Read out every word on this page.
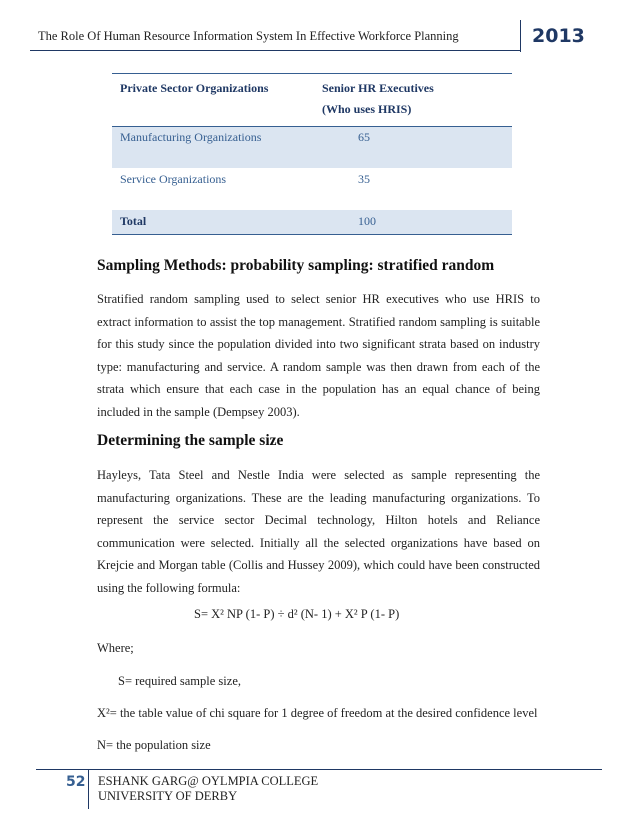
The Role Of Human Resource Information System In Effective Workforce Planning	2013
Private Sector Organizations	Senior HR Executives
(Who uses HRIS)

Manufacturing Organizations	65
Service Organizations	35
Total	100
Sampling Methods: probability sampling: stratified random
Stratified random sampling used to select senior HR executives who use HRIS to extract information to assist the top management. Stratified random sampling is suitable for this study since the population divided into two significant strata based on industry type: manufacturing and service. A random sample was then drawn from each of the strata which ensure that each case in the population has an equal chance of being included in the sample (Dempsey 2003).
Determining the sample size
Hayleys, Tata Steel and Nestle India were selected as sample representing the manufacturing organizations. These are the leading manufacturing organizations. To represent the service sector Decimal technology, Hilton hotels and Reliance communication were selected. Initially all the selected organizations have based on Krejcie and Morgan table (Collis and Hussey 2009), which could have been constructed using the following formula:
S= X² NP (1- P) ÷ d² (N- 1) + X² P (1- P)
Where;
S= required sample size,
X²= the table value of chi square for 1 degree of freedom at the desired confidence level
N= the population size
52 ESHANK GARG@ OYLMPIA COLLEGE
UNIVERSITY OF DERBY
